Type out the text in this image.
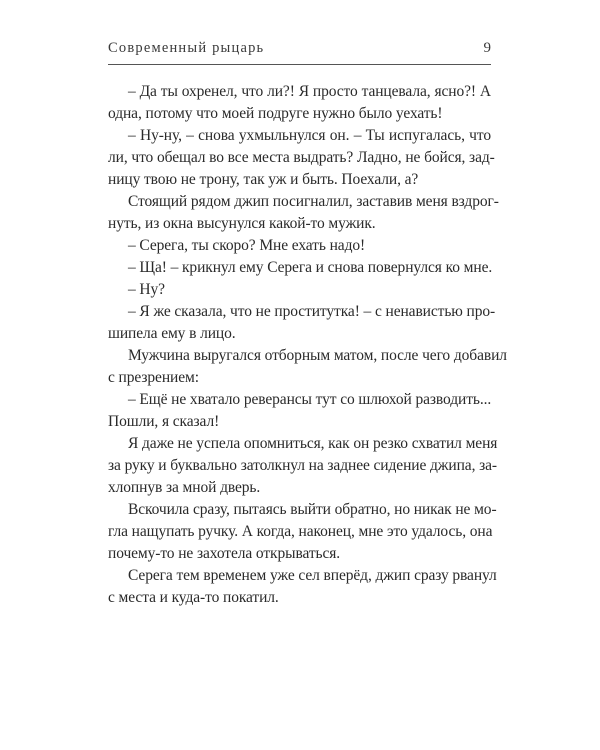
Современный рыцарь	9
– Да ты охренел, что ли?! Я просто танцевала, ясно?! А
одна, потому что моей подруге нужно было уехать!
– Ну-ну, – снова ухмыльнулся он. – Ты испугалась, что
ли, что обещал во все места выдрать? Ладно, не бойся, зад-
ницу твою не трону, так уж и быть. Поехали, а?
Стоящий рядом джип посигналил, заставив меня вздрог-
нуть, из окна высунулся какой-то мужик.
– Серега, ты скоро? Мне ехать надо!
– Ща! – крикнул ему Серега и снова повернулся ко мне.
– Ну?
– Я же сказала, что не проститутка! – с ненавистью про-
шипела ему в лицо.
Мужчина выругался отборным матом, после чего добавил
с презрением:
– Ещё не хватало реверансы тут со шлюхой разводить...
Пошли, я сказал!
Я даже не успела опомниться, как он резко схватил меня
за руку и буквально затолкнул на заднее сидение джипа, за-
хлопнув за мной дверь.
Вскочила сразу, пытаясь выйти обратно, но никак не мо-
гла нащупать ручку. А когда, наконец, мне это удалось, она
почему-то не захотела открываться.
Серега тем временем уже сел вперёд, джип сразу рванул
с места и куда-то покатил.
